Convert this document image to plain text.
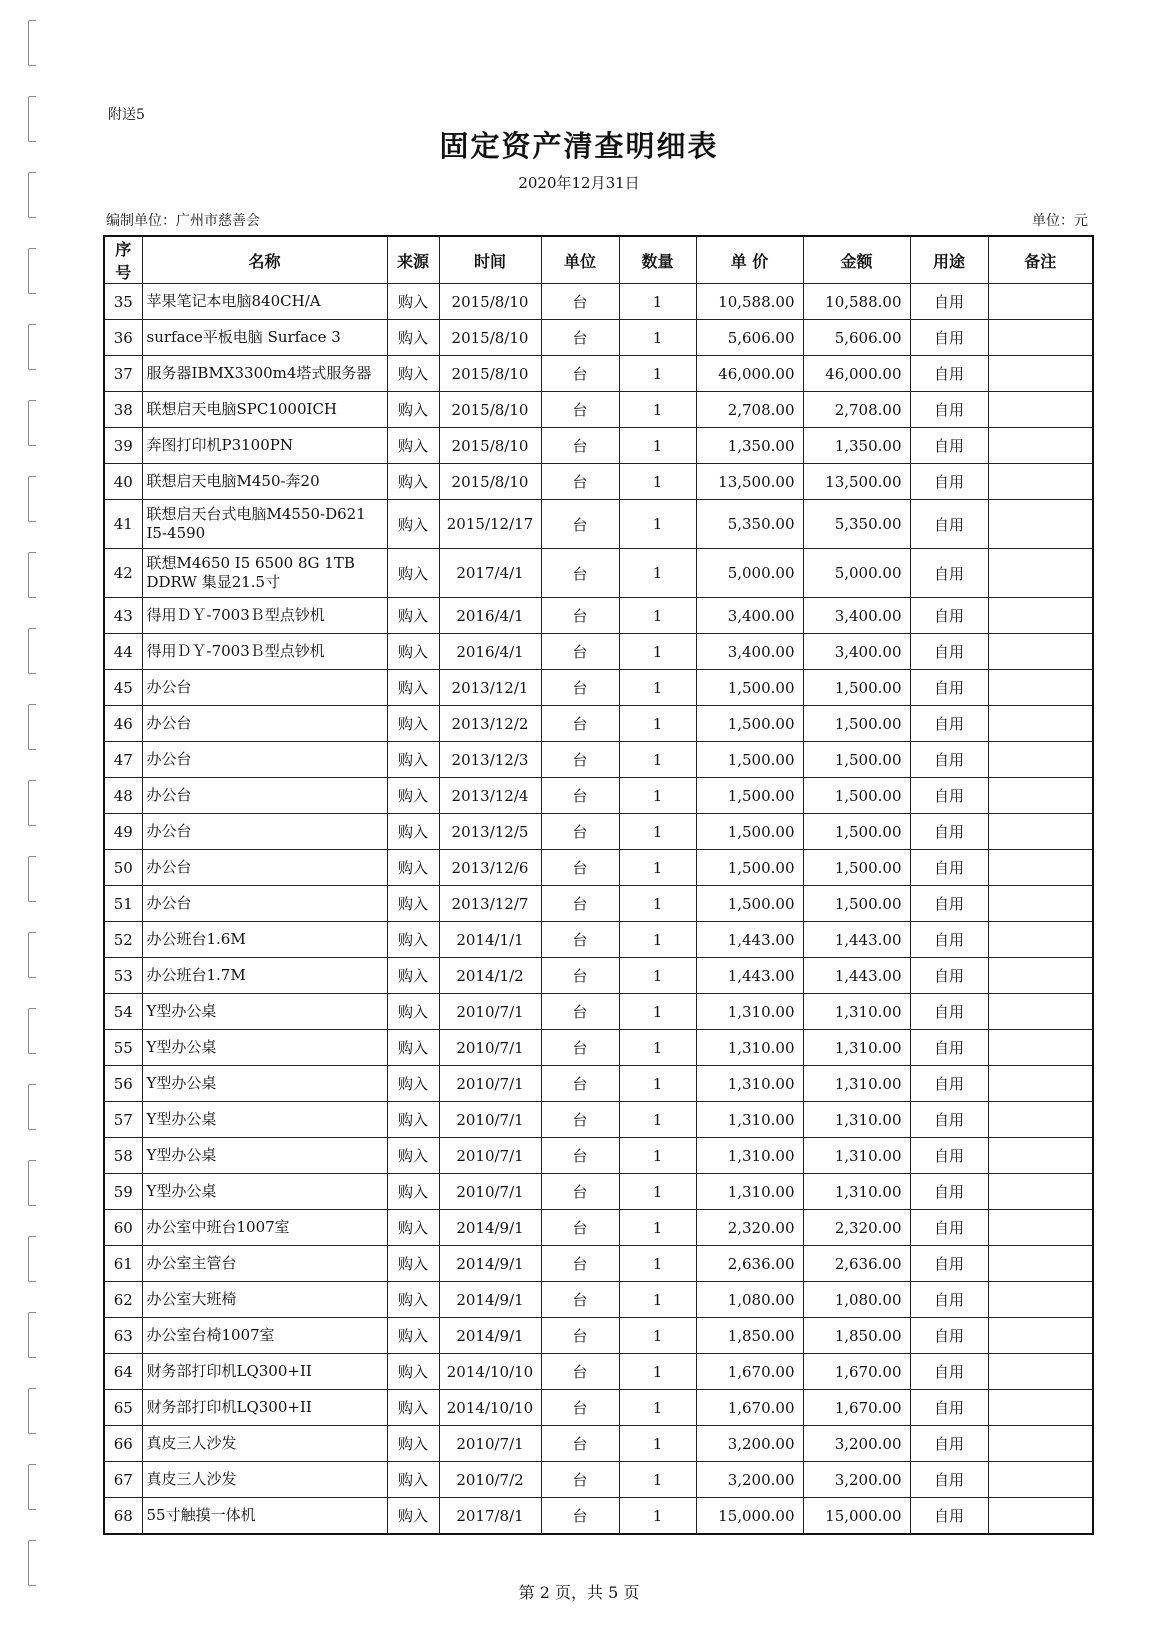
附送5
固定资产清查明细表
2020年12月31日
编制单位：广州市慈善会	单位：元
序号	名称	来源	时间	单位	数量	单 价	金额	用途	备注
35	苹果笔记本电脑840CH/A	购入	2015/8/10	台	1	10,588.00	10,588.00	自用	
36	surface平板电脑 Surface 3	购入	2015/8/10	台	1	5,606.00	5,606.00	自用	
37	服务器IBMX3300m4塔式服务器	购入	2015/8/10	台	1	46,000.00	46,000.00	自用	
38	联想启天电脑SPC1000ICH	购入	2015/8/10	台	1	2,708.00	2,708.00	自用	
39	奔图打印机P3100PN	购入	2015/8/10	台	1	1,350.00	1,350.00	自用	
40	联想启天电脑M450-奔20	购入	2015/8/10	台	1	13,500.00	13,500.00	自用	
41	联想启天台式电脑M4550-D621 I5-4590	购入	2015/12/17	台	1	5,350.00	5,350.00	自用	
42	联想M4650 I5 6500 8G 1TB DDRW 集显21.5寸	购入	2017/4/1	台	1	5,000.00	5,000.00	自用	
43	得用ＤＹ-7003Ｂ型点钞机	购入	2016/4/1	台	1	3,400.00	3,400.00	自用	
44	得用ＤＹ-7003Ｂ型点钞机	购入	2016/4/1	台	1	3,400.00	3,400.00	自用	
45	办公台	购入	2013/12/1	台	1	1,500.00	1,500.00	自用	
46	办公台	购入	2013/12/2	台	1	1,500.00	1,500.00	自用	
47	办公台	购入	2013/12/3	台	1	1,500.00	1,500.00	自用	
48	办公台	购入	2013/12/4	台	1	1,500.00	1,500.00	自用	
49	办公台	购入	2013/12/5	台	1	1,500.00	1,500.00	自用	
50	办公台	购入	2013/12/6	台	1	1,500.00	1,500.00	自用	
51	办公台	购入	2013/12/7	台	1	1,500.00	1,500.00	自用	
52	办公班台1.6M	购入	2014/1/1	台	1	1,443.00	1,443.00	自用	
53	办公班台1.7M	购入	2014/1/2	台	1	1,443.00	1,443.00	自用	
54	Y型办公桌	购入	2010/7/1	台	1	1,310.00	1,310.00	自用	
55	Y型办公桌	购入	2010/7/1	台	1	1,310.00	1,310.00	自用	
56	Y型办公桌	购入	2010/7/1	台	1	1,310.00	1,310.00	自用	
57	Y型办公桌	购入	2010/7/1	台	1	1,310.00	1,310.00	自用	
58	Y型办公桌	购入	2010/7/1	台	1	1,310.00	1,310.00	自用	
59	Y型办公桌	购入	2010/7/1	台	1	1,310.00	1,310.00	自用	
60	办公室中班台1007室	购入	2014/9/1	台	1	2,320.00	2,320.00	自用	
61	办公室主管台	购入	2014/9/1	台	1	2,636.00	2,636.00	自用	
62	办公室大班椅	购入	2014/9/1	台	1	1,080.00	1,080.00	自用	
63	办公室台椅1007室	购入	2014/9/1	台	1	1,850.00	1,850.00	自用	
64	财务部打印机LQ300+II	购入	2014/10/10	台	1	1,670.00	1,670.00	自用	
65	财务部打印机LQ300+II	购入	2014/10/10	台	1	1,670.00	1,670.00	自用	
66	真皮三人沙发	购入	2010/7/1	台	1	3,200.00	3,200.00	自用	
67	真皮三人沙发	购入	2010/7/2	台	1	3,200.00	3,200.00	自用	
68	55寸触摸一体机	购入	2017/8/1	台	1	15,000.00	15,000.00	自用	
第 2 页，共 5 页
